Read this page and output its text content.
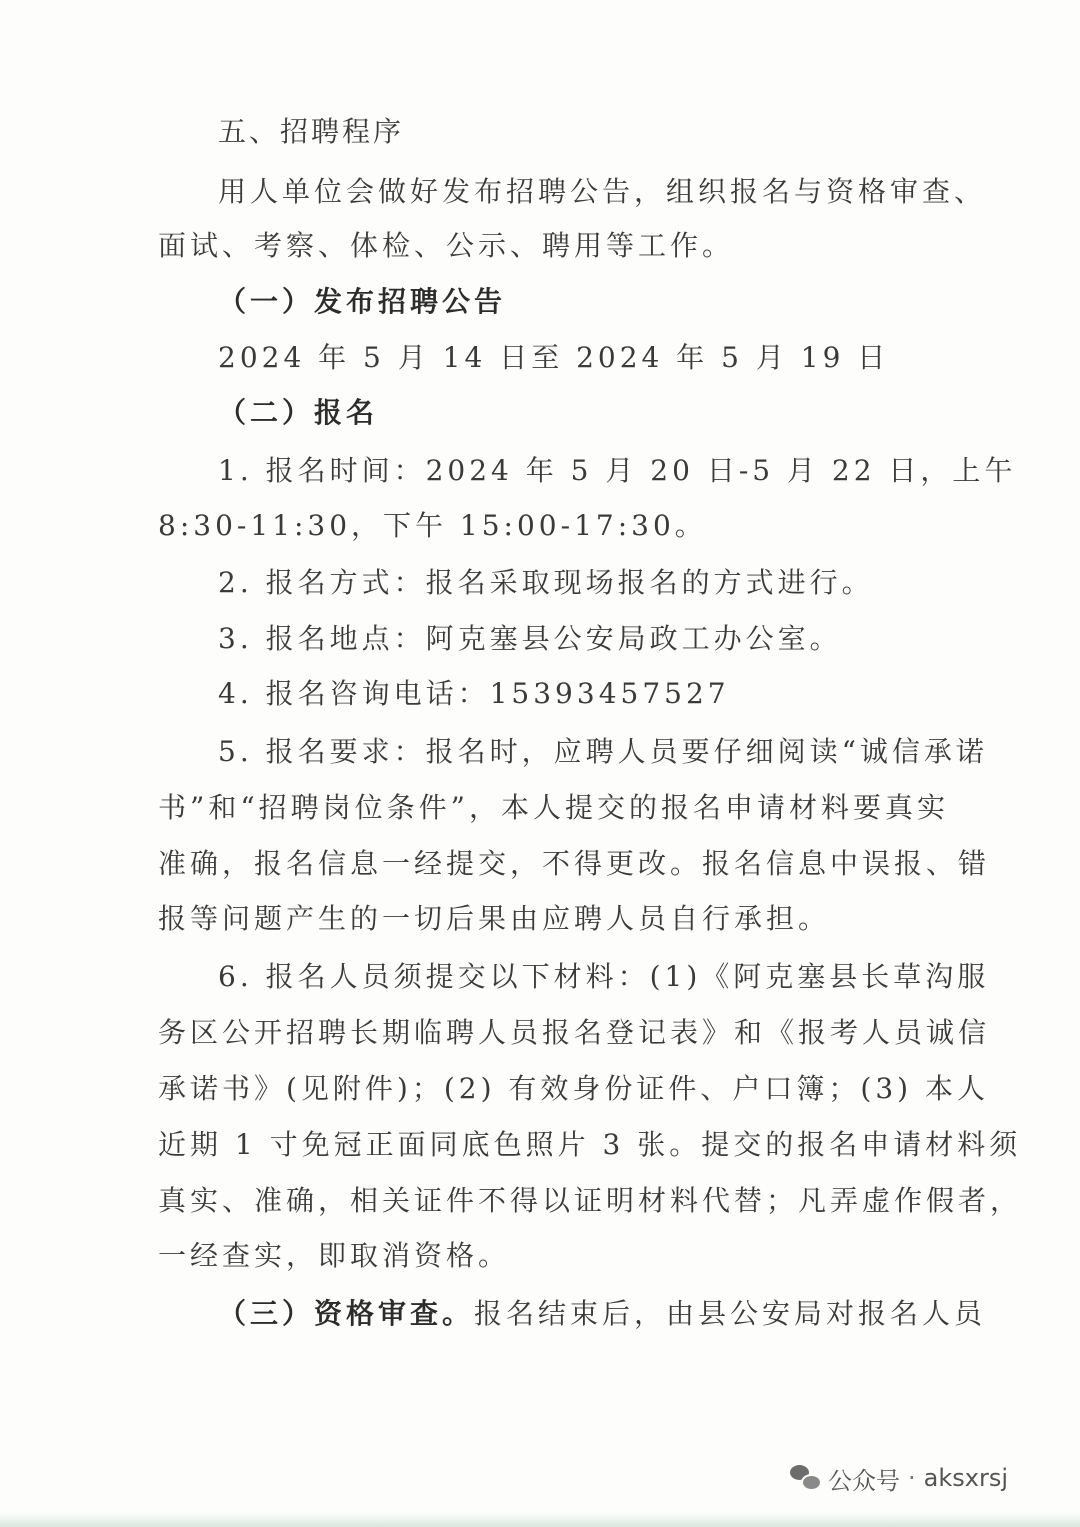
五、招聘程序
用人单位会做好发布招聘公告，组织报名与资格审查、
面试、考察、体检、公示、聘用等工作。
（一）发布招聘公告
2024 年 5 月 14 日至 2024 年 5 月 19 日
（二）报名
1. 报名时间：2024 年 5 月 20 日-5 月 22 日，上午
8:30-11:30，下午 15:00-17:30。
2. 报名方式：报名采取现场报名的方式进行。
3. 报名地点：阿克塞县公安局政工办公室。
4. 报名咨询电话：15393457527
5. 报名要求：报名时，应聘人员要仔细阅读“诚信承诺
书”和“招聘岗位条件”，本人提交的报名申请材料要真实
准确，报名信息一经提交，不得更改。报名信息中误报、错
报等问题产生的一切后果由应聘人员自行承担。
6. 报名人员须提交以下材料：(1)《阿克塞县长草沟服
务区公开招聘长期临聘人员报名登记表》和《报考人员诚信
承诺书》(见附件)；(2) 有效身份证件、户口簿；(3) 本人
近期 1 寸免冠正面同底色照片 3 张。提交的报名申请材料须
真实、准确，相关证件不得以证明材料代替；凡弄虚作假者，
一经查实，即取消资格。
（三）资格审查。报名结束后，由县公安局对报名人员
公众号 · aksxrsj
